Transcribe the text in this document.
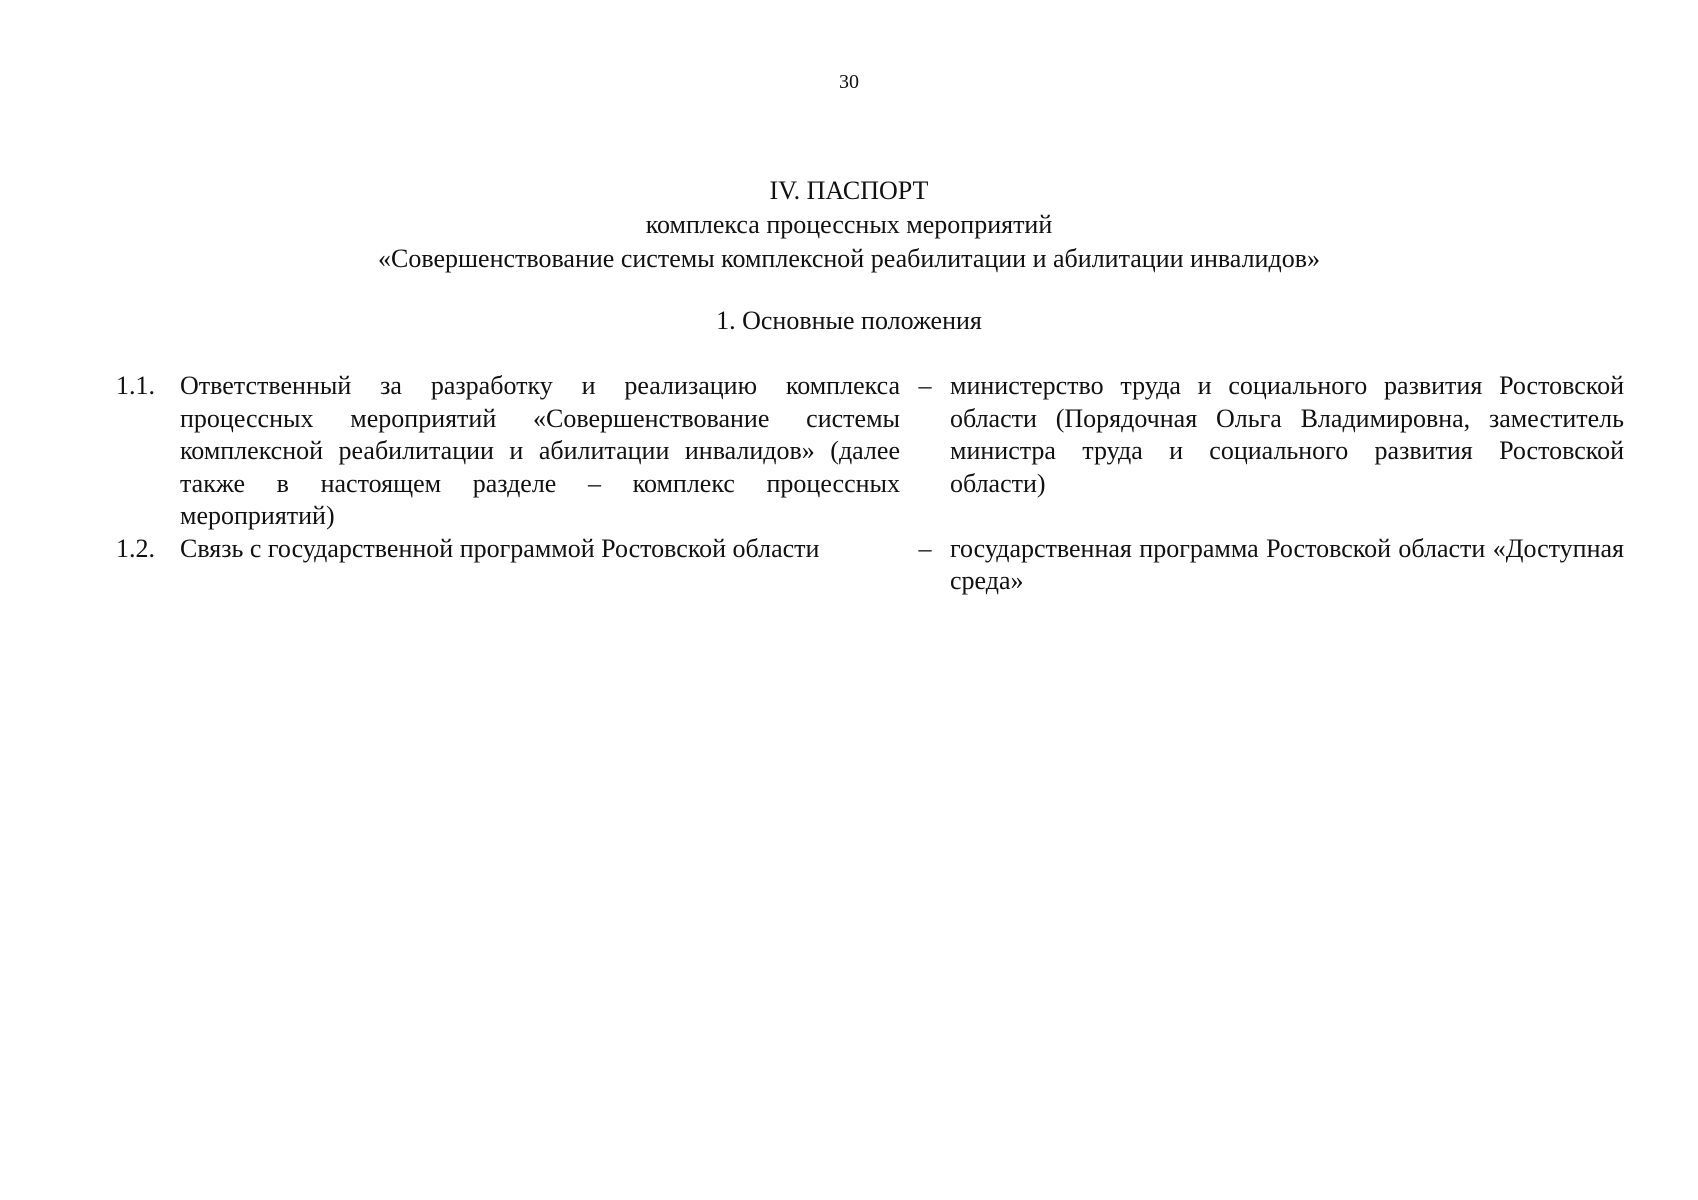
30
IV. ПАСПОРТ
комплекса процессных мероприятий
«Совершенствование системы комплексной реабилитации и абилитации инвалидов»
1. Основные положения
1.1.	Ответственный за разработку и реализацию комплекса процессных мероприятий «Совершенствование системы комплексной реабилитации и абилитации инвалидов» (далее также в настоящем разделе – комплекс процессных мероприятий)	–	министерство труда и социального развития Ростовской области (Порядочная Ольга Владимировна, заместитель министра труда и социального развития Ростовской области)
1.2.	Связь с государственной программой Ростовской области	–	государственная программа Ростовской области «Доступная среда»
